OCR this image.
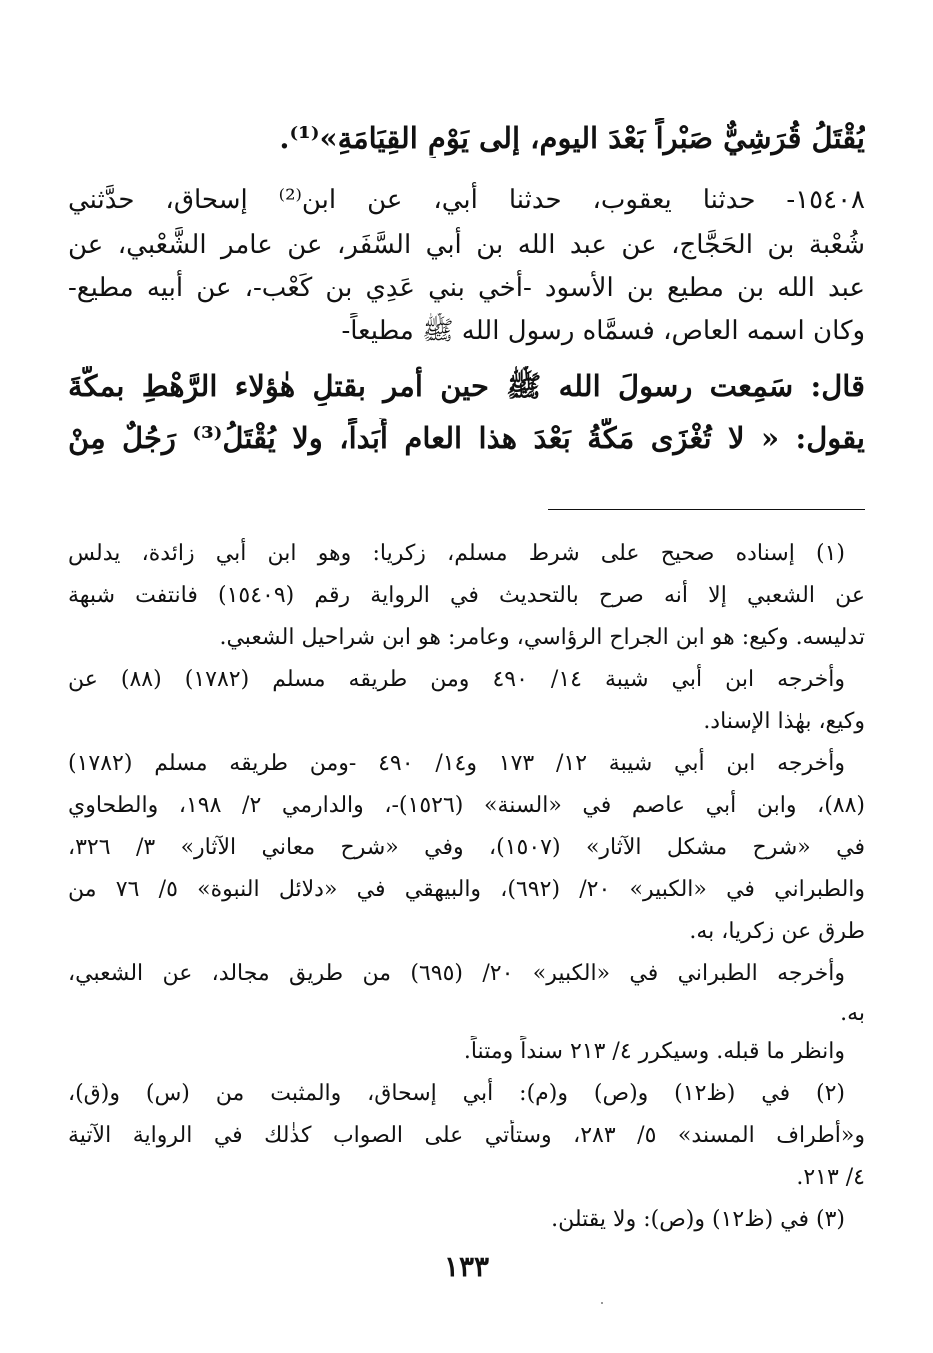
يُقْتَلُ قُرَشِيٌّ صَبْراً بَعْدَ اليوم، إلى يَوْمِ القِيَامَةِ»⁽¹⁾.
١٥٤٠٨- حدثنا يعقوب، حدثنا أبي، عن ابن⁽²⁾ إسحاق، حدَّثني
شُعْبة بن الحَجَّاج، عن عبد الله بن أبي السَّفَر، عن عامر الشَّعْبي، عن
عبد الله بن مطيع بن الأسود -أخي بني عَدِي بن كَعْب-، عن أبيه مطيع-
وكان اسمه العاص، فسمَّاه رسول الله ﷺ مطيعاً-
قال: سَمِعت رسولَ الله ﷺ حين أمر بقتلِ هٰؤلاء الرَّهْطِ بمكَّةَ
يقول: « لا تُغْزَى مَكَّةُ بَعْدَ هذا العام أَبَداً، ولا يُقْتَلُ⁽³⁾ رَجُلٌ مِنْ
(١) إسناده صحيح على شرط مسلم، زكريا: وهو ابن أبي زائدة، يدلس
عن الشعبي إلا أنه صرح بالتحديث في الرواية رقم (١٥٤٠٩) فانتفت شبهة
تدليسه. وكيع: هو ابن الجراح الرؤاسي، وعامر: هو ابن شراحيل الشعبي.
وأخرجه ابن أبي شيبة ١٤/ ٤٩٠ ومن طريقه مسلم (١٧٨٢) (٨٨) عن
وكيع، بهٰذا الإسناد.
وأخرجه ابن أبي شيبة ١٢/ ١٧٣ و١٤/ ٤٩٠ -ومن طريقه مسلم (١٧٨٢)
(٨٨)، وابن أبي عاصم في «السنة» (١٥٢٦)-، والدارمي ٢/ ١٩٨، والطحاوي
في «شرح مشكل الآثار» (١٥٠٧)، وفي «شرح معاني الآثار» ٣/ ٣٢٦،
والطبراني في «الكبير» ٢٠/ (٦٩٢)، والبيهقي في «دلائل النبوة» ٥/ ٧٦ من
طرق عن زكريا، به.
وأخرجه الطبراني في «الكبير» ٢٠/ (٦٩٥) من طريق مجالد، عن الشعبي،
به.
وانظر ما قبله. وسيكرر ٤/ ٢١٣ سنداً ومتناً.
(٢) في (ظ١٢) و(ص) و(م): أبي إسحاق، والمثبت من (س) و(ق)،
و«أطراف المسند» ٥/ ٢٨٣، وستأتي على الصواب كذٰلك في الرواية الآتية
٤/ ٢١٣.
(٣) في (ظ١٢) و(ص): ولا يقتلن.
١٣٣
